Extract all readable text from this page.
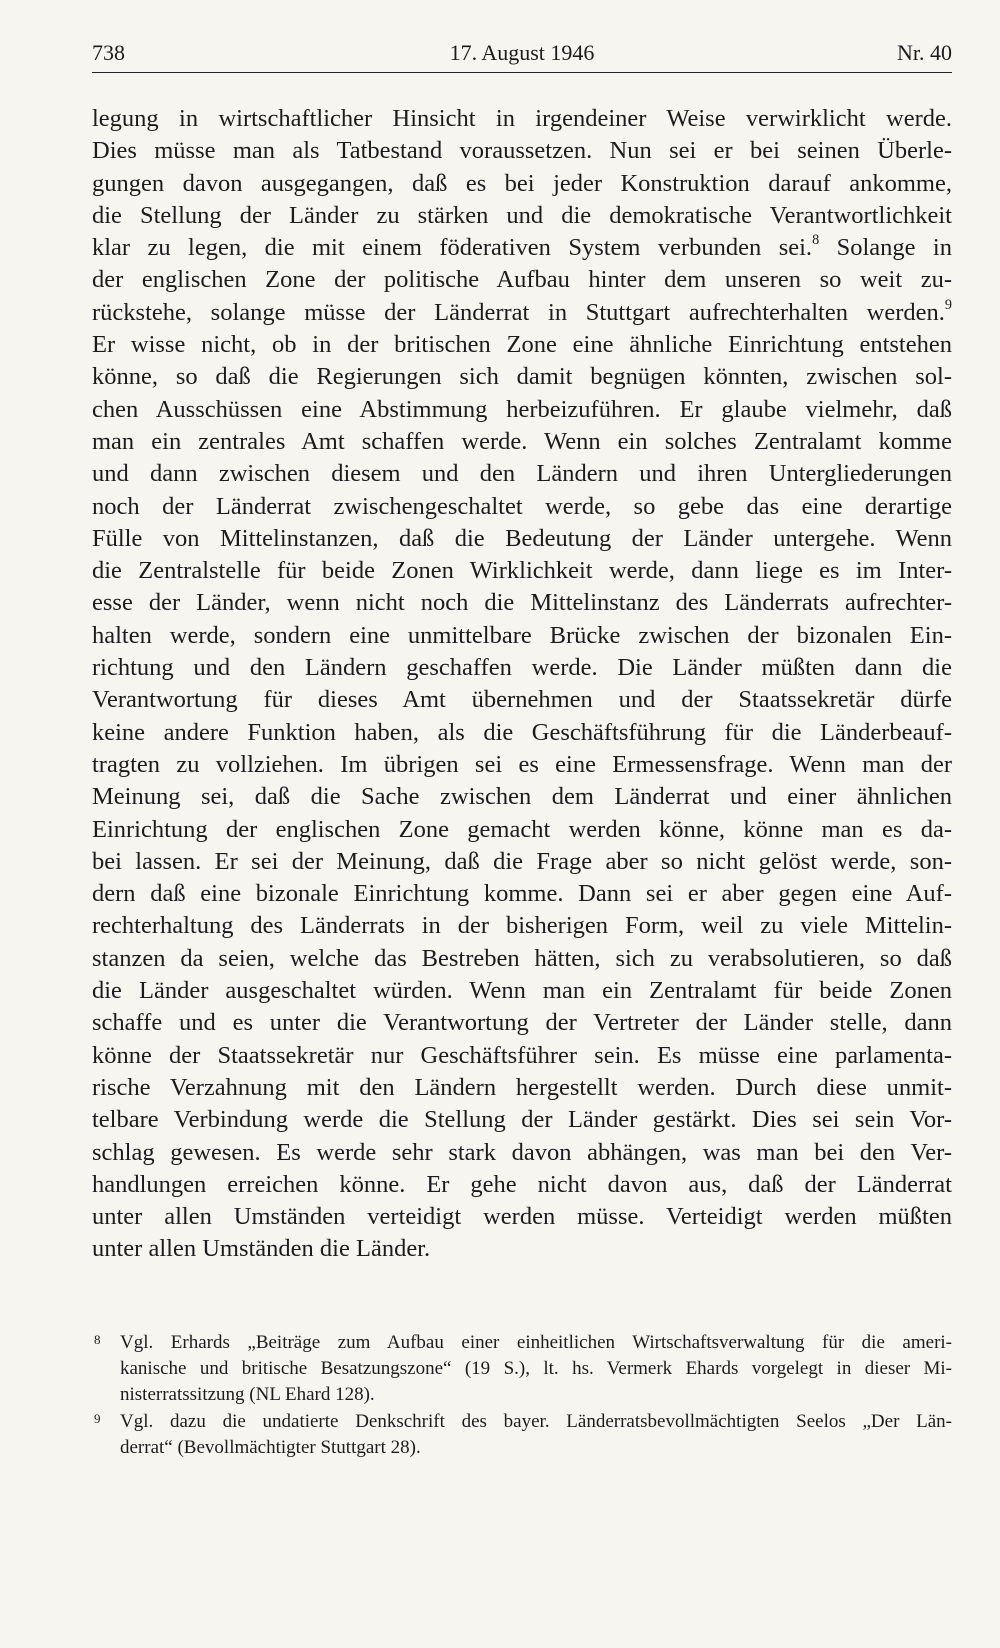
738	17. August 1946	Nr. 40
legung in wirtschaftlicher Hinsicht in irgendeiner Weise verwirklicht werde.
Dies müsse man als Tatbestand voraussetzen. Nun sei er bei seinen Überle-
gungen davon ausgegangen, daß es bei jeder Konstruktion darauf ankomme,
die Stellung der Länder zu stärken und die demokratische Verantwortlichkeit
klar zu legen, die mit einem föderativen System verbunden sei.$^8$ Solange in
der englischen Zone der politische Aufbau hinter dem unseren so weit zu-
rückstehe, solange müsse der Länderrat in Stuttgart aufrechterhalten werden.$^9$
Er wisse nicht, ob in der britischen Zone eine ähnliche Einrichtung entstehen
könne, so daß die Regierungen sich damit begnügen könnten, zwischen sol-
chen Ausschüssen eine Abstimmung herbeizuführen. Er glaube vielmehr, daß
man ein zentrales Amt schaffen werde. Wenn ein solches Zentralamt komme
und dann zwischen diesem und den Ländern und ihren Untergliederungen
noch der Länderrat zwischengeschaltet werde, so gebe das eine derartige
Fülle von Mittelinstanzen, daß die Bedeutung der Länder untergehe. Wenn
die Zentralstelle für beide Zonen Wirklichkeit werde, dann liege es im Inter-
esse der Länder, wenn nicht noch die Mittelinstanz des Länderrats aufrechter-
halten werde, sondern eine unmittelbare Brücke zwischen der bizonalen Ein-
richtung und den Ländern geschaffen werde. Die Länder müßten dann die
Verantwortung für dieses Amt übernehmen und der Staatssekretär dürfe
keine andere Funktion haben, als die Geschäftsführung für die Länderbeauf-
tragten zu vollziehen. Im übrigen sei es eine Ermessensfrage. Wenn man der
Meinung sei, daß die Sache zwischen dem Länderrat und einer ähnlichen
Einrichtung der englischen Zone gemacht werden könne, könne man es da-
bei lassen. Er sei der Meinung, daß die Frage aber so nicht gelöst werde, son-
dern daß eine bizonale Einrichtung komme. Dann sei er aber gegen eine Auf-
rechterhaltung des Länderrats in der bisherigen Form, weil zu viele Mittelin-
stanzen da seien, welche das Bestreben hätten, sich zu verabsolutieren, so daß
die Länder ausgeschaltet würden. Wenn man ein Zentralamt für beide Zonen
schaffe und es unter die Verantwortung der Vertreter der Länder stelle, dann
könne der Staatssekretär nur Geschäftsführer sein. Es müsse eine parlamenta-
rische Verzahnung mit den Ländern hergestellt werden. Durch diese unmit-
telbare Verbindung werde die Stellung der Länder gestärkt. Dies sei sein Vor-
schlag gewesen. Es werde sehr stark davon abhängen, was man bei den Ver-
handlungen erreichen könne. Er gehe nicht davon aus, daß der Länderrat
unter allen Umständen verteidigt werden müsse. Verteidigt werden müßten
unter allen Umständen die Länder.
8 Vgl. Erhards „Beiträge zum Aufbau einer einheitlichen Wirtschaftsverwaltung für die ameri-
kanische und britische Besatzungszone“ (19 S.), lt. hs. Vermerk Ehards vorgelegt in dieser Mi-
nisterratssitzung (NL Ehard 128).
9 Vgl. dazu die undatierte Denkschrift des bayer. Länderratsbevollmächtigten Seelos „Der Län-
derrat“ (Bevollmächtigter Stuttgart 28).
